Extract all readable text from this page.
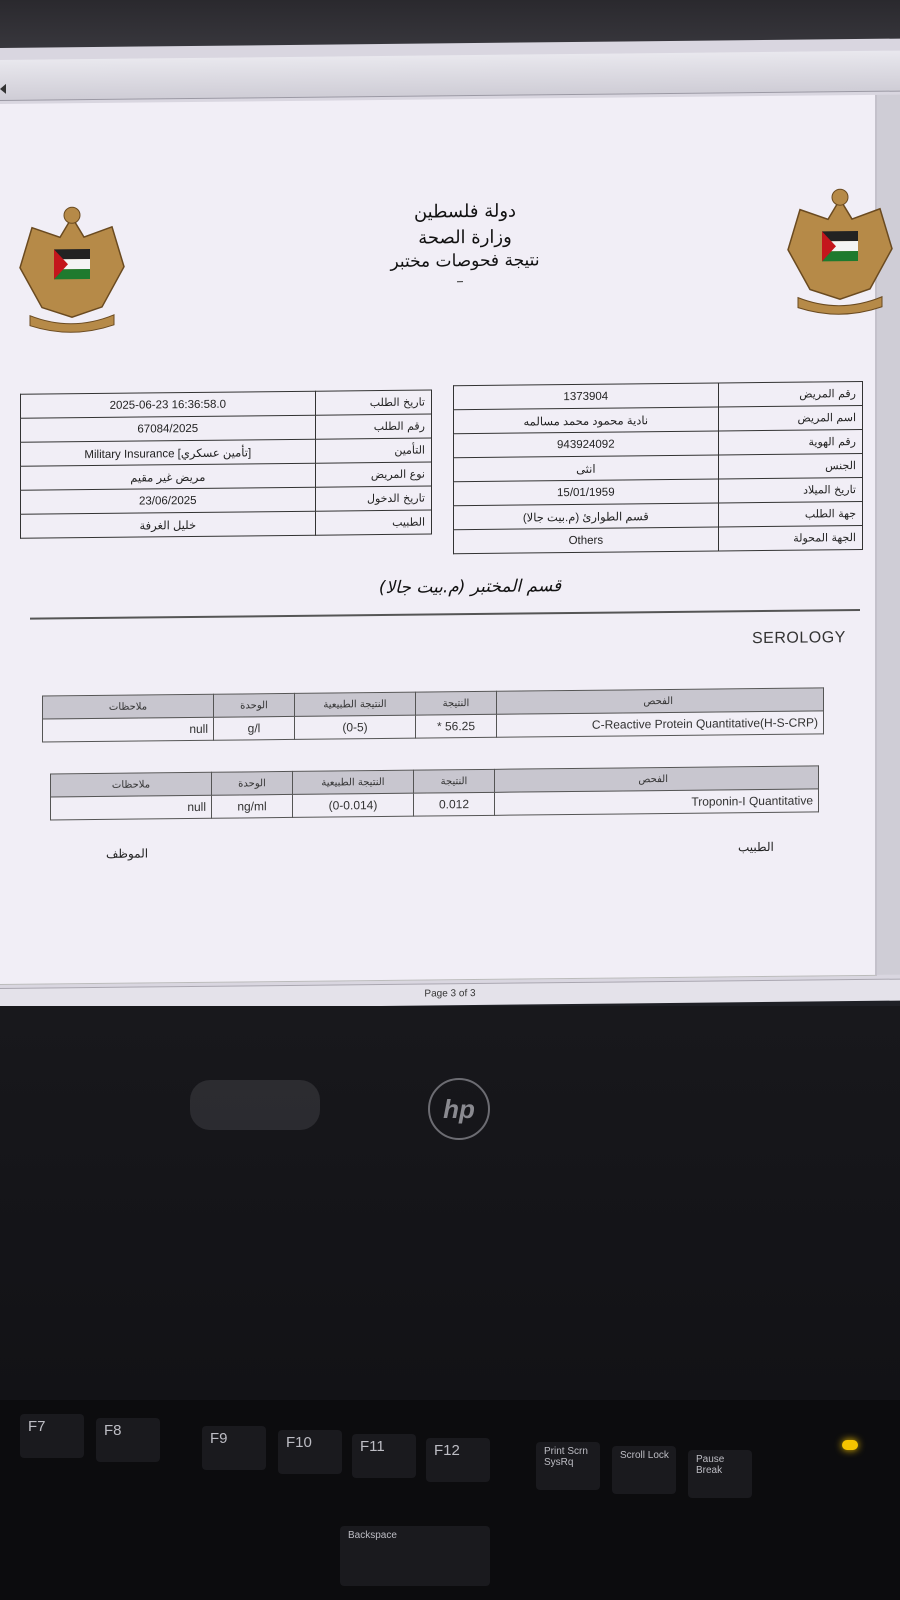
دولة فلسطين
وزارة الصحة
نتيجة فحوصات مختبر
2025-06-23 16:36:58.0	تاريخ الطلب
67084/2025	رقم الطلب
Military Insurance [تأمين عسكري]	التأمين
مريض غير مقيم	نوع المريض
23/06/2025	تاريخ الدخول
خليل الغرفة	الطبيب
1373904	رقم المريض
نادية محمود محمد مسالمه	اسم المريض
943924092	رقم الهوية
انثى	الجنس
15/01/1959	تاريخ الميلاد
قسم الطوارئ (م.بيت جالا)	جهة الطلب
Others	الجهة المحولة
قسم المختبر (م.بيت جالا)
SEROLOGY
ملاحظات	الوحدة	النتيجة الطبيعية	النتيجة	الفحص
null	g/l	(0-5)	* 56.25	C-Reactive Protein Quantitative(H-S-CRP)
ملاحظات	الوحدة	النتيجة الطبيعية	النتيجة	الفحص
null	ng/ml	(0-0.014)	0.012	Troponin-I Quantitative
الطبيب
الموظف
Page 3 of 3
hp
F7	F8	F9	F10	F11	F12	Print Scrn SysRq
Scroll Lock	Pause Break
Backspace
